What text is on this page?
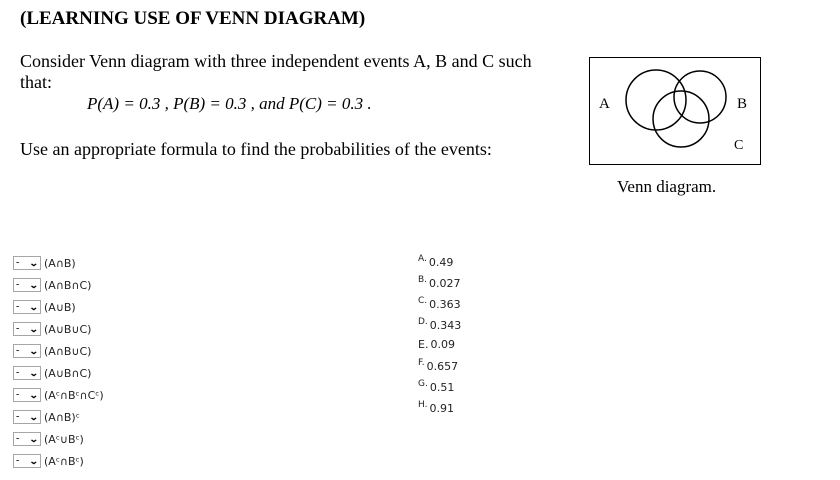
(LEARNING USE OF VENN DIAGRAM)
Consider Venn diagram with three independent events A, B and C such that:
P(A) = 0.3 , P(B) = 0.3 , and P(C) = 0.3 .
Use an appropriate formula to find the probabilities of the events:
A	B
C
Venn diagram.
- ⌄ (A∩B)
- ⌄ (A∩B∩C)
- ⌄ (A∪B)
- ⌄ (A∪B∪C)
- ⌄ (A∩B∪C)
- ⌄ (A∪B∩C)
- ⌄ (Aᶜ∩Bᶜ∩Cᶜ)
- ⌄ (A∩B)ᶜ
- ⌄ (Aᶜ∪Bᶜ)
- ⌄ (Aᶜ∩Bᶜ)
$^{A.}$ 0.49
$^{B.}$ 0.027
$^{C.}$ 0.363
$^{D.}$ 0.343
E. 0.09
$^{F.}$ 0.657
$^{G.}$ 0.51
$^{H.}$ 0.91
